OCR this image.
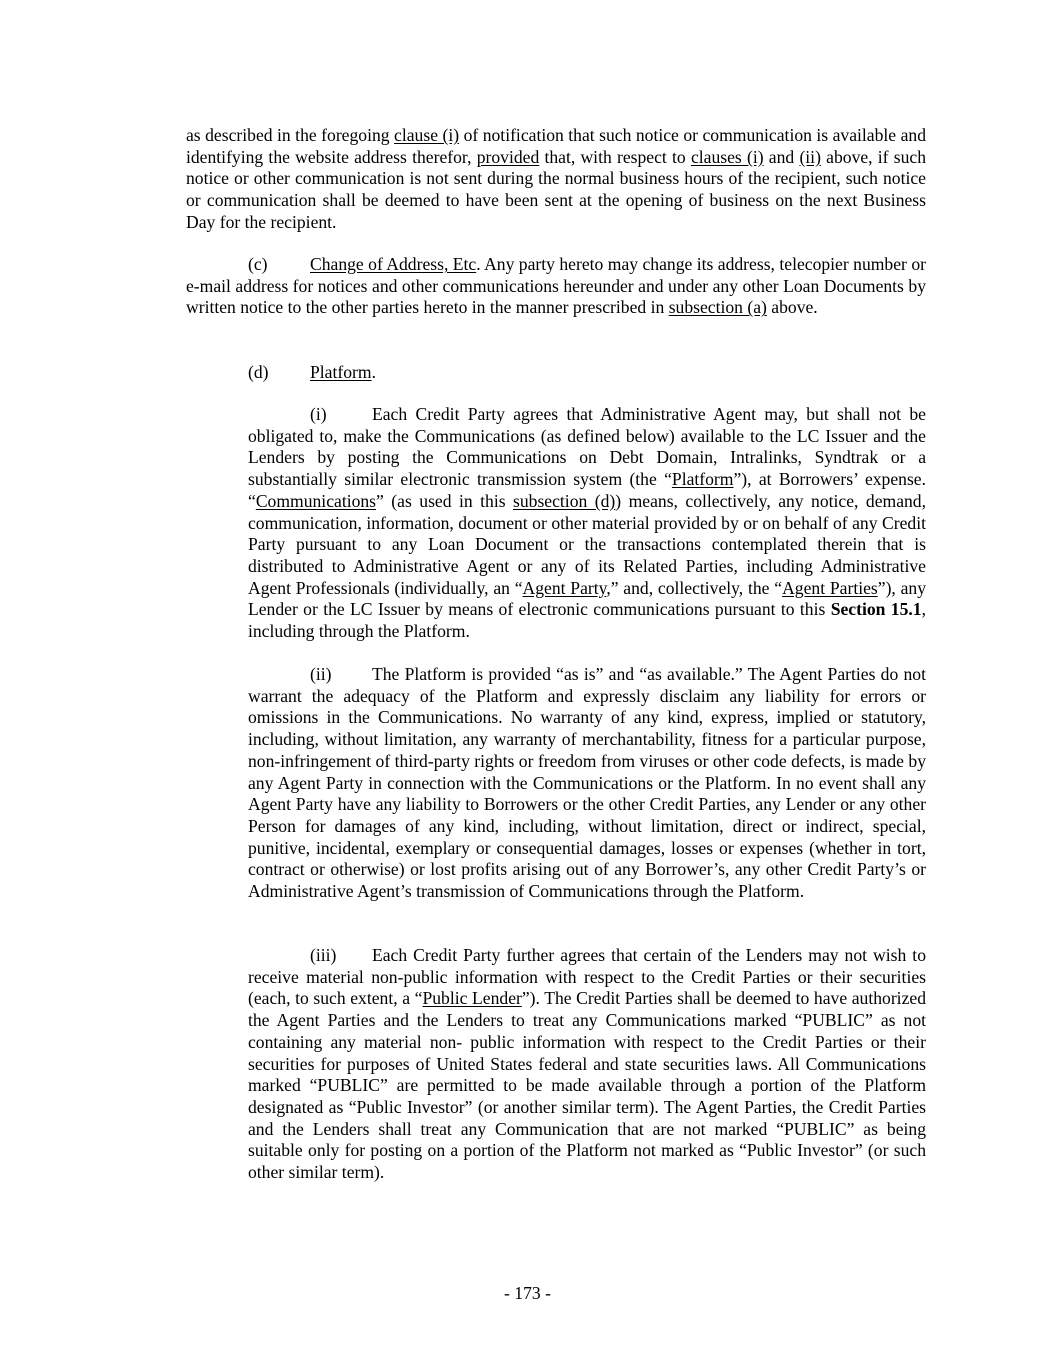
as described in the foregoing clause (i) of notification that such notice or communication is available and identifying the website address therefor, provided that, with respect to clauses (i) and (ii) above, if such notice or other communication is not sent during the normal business hours of the recipient, such notice or communication shall be deemed to have been sent at the opening of business on the next Business Day for the recipient.

(c) Change of Address, Etc. Any party hereto may change its address, telecopier number or e-mail address for notices and other communications hereunder and under any other Loan Documents by written notice to the other parties hereto in the manner prescribed in subsection (a) above.

(d) Platform.

(i)	Each Credit Party agrees that Administrative Agent may, but shall not be obligated to, make the Communications (as defined below) available to the LC Issuer and the Lenders by posting the Communications on Debt Domain, Intralinks, Syndtrak or a substantially similar electronic transmission system (the “Platform”), at Borrowers’ expense. “Communications” (as used in this subsection (d)) means, collectively, any notice, demand, communication, information, document or other material provided by or on behalf of any Credit Party pursuant to any Loan Document or the transactions contemplated therein that is distributed to Administrative Agent or any of its Related Parties, including Administrative Agent Professionals (individually, an “Agent Party,” and, collectively, the “Agent Parties”), any Lender or the LC Issuer by means of electronic communications pursuant to this Section 15.1, including through the Platform.

(ii) The Platform is provided “as is” and “as available.” The Agent Parties do not warrant the adequacy of the Platform and expressly disclaim any liability for errors or omissions in the Communications. No warranty of any kind, express, implied or statutory, including, without limitation, any warranty of merchantability, fitness for a particular purpose, non-infringement of third-party rights or freedom from viruses or other code defects, is made by any Agent Party in connection with the Communications or the Platform. In no event shall any Agent Party have any liability to Borrowers or the other Credit Parties, any Lender or any other Person for damages of any kind, including, without limitation, direct or indirect, special, punitive, incidental, exemplary or consequential damages, losses or expenses (whether in tort, contract or otherwise) or lost profits arising out of any Borrower’s, any other Credit Party’s or Administrative Agent’s transmission of Communications through the Platform.

(iii) Each Credit Party further agrees that certain of the Lenders may not wish to receive material non-public information with respect to the Credit Parties or their securities (each, to such extent, a “Public Lender”). The Credit Parties shall be deemed to have authorized the Agent Parties and the Lenders to treat any Communications marked “PUBLIC” as not containing any material non- public information with respect to the Credit Parties or their securities for purposes of United States federal and state securities laws. All Communications marked “PUBLIC” are permitted to be made available through a portion of the Platform designated as “Public Investor” (or another similar term). The Agent Parties, the Credit Parties and the Lenders shall treat any Communication that are not marked “PUBLIC” as being suitable only for posting on a portion of the Platform not marked as “Public Investor” (or such other similar term).

- 173 -
